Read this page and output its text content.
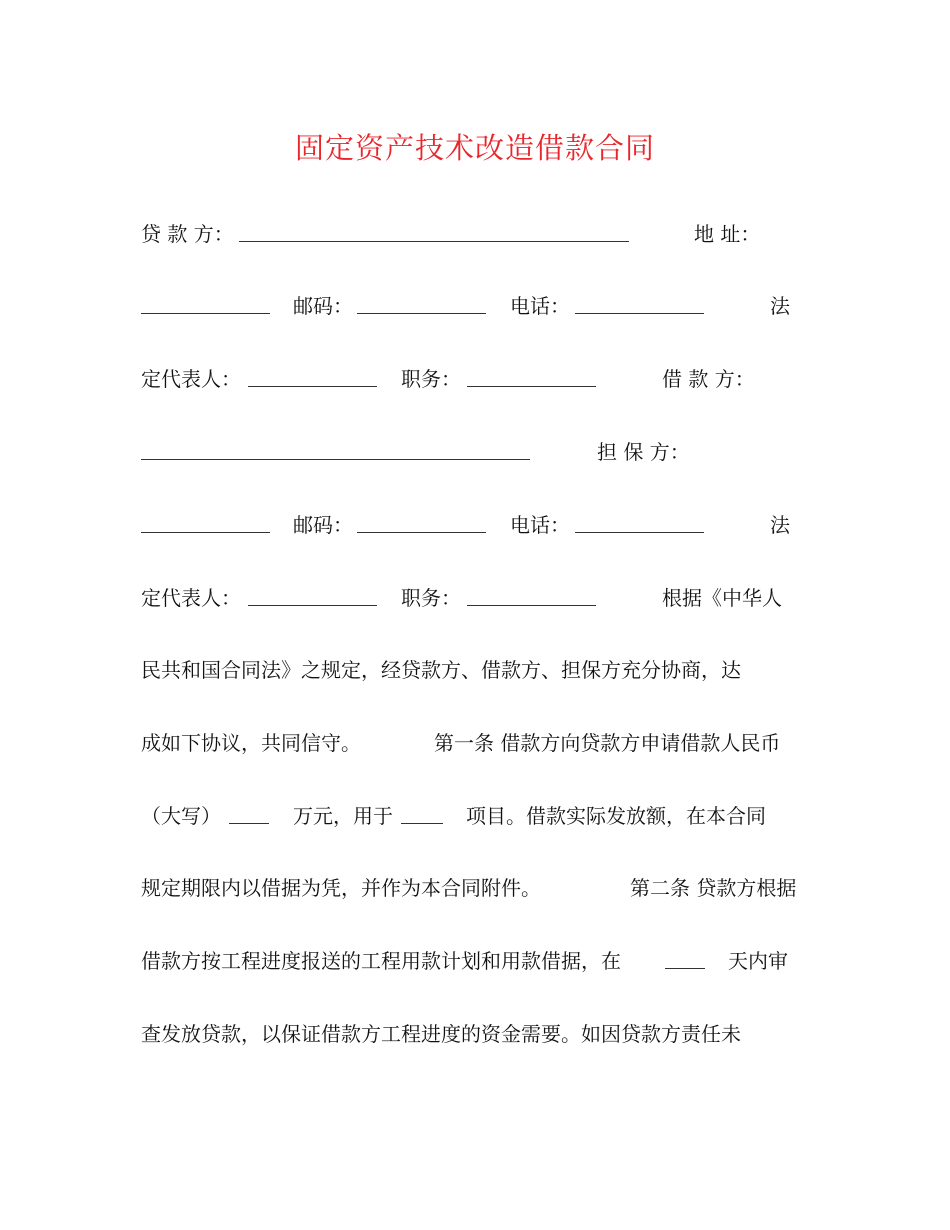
固定资产技术改造借款合同

贷 款 方：

	地 址：

邮码：

	电话：

	法

定代表人：

	职务：

	借 款 方：

担 保 方：

邮码：

	电话：

	法

定代表人：

	职务：

	根据《中华人

民共和国合同法》之规定，经贷款方、借款方、担保方充分协商，达

成如下协议，共同信守。

	第一条 借款方向贷款方申请借款人民币

（大写）

	万元，用于

	项目。借款实际发放额，在本合同

规定期限内以借据为凭，并作为本合同附件。

	第二条 贷款方根据

借款方按工程进度报送的工程用款计划和用款借据，在

	天内审

查发放贷款，以保证借款方工程进度的资金需要。如因贷款方责任未
